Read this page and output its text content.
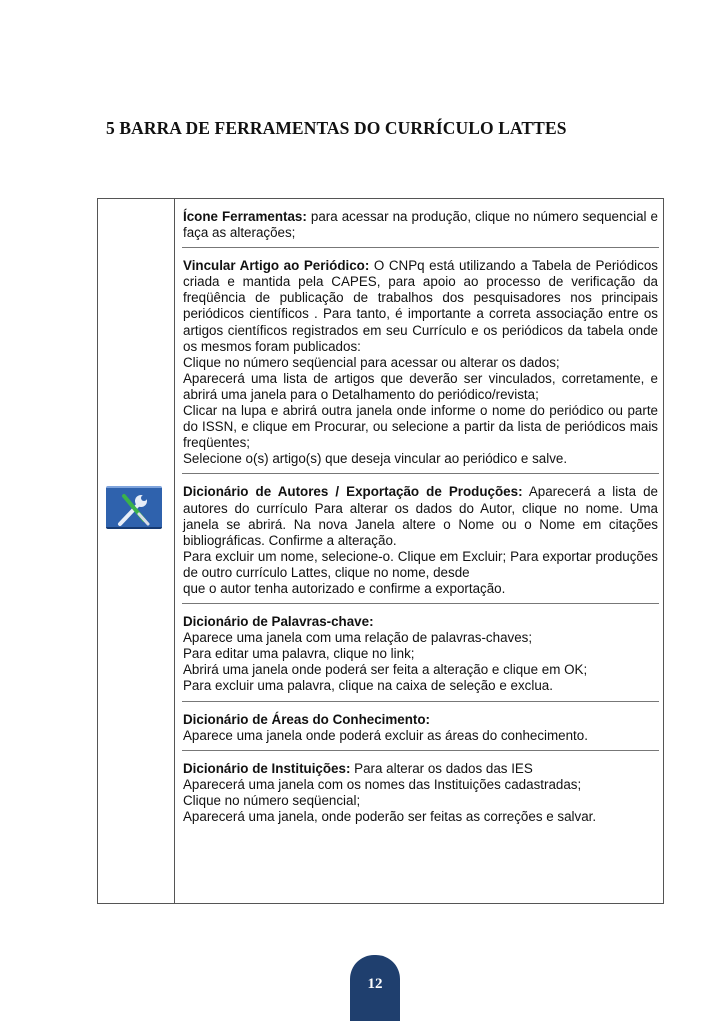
5 BARRA DE FERRAMENTAS DO CURRÍCULO LATTES

Ícone Ferramentas: para acessar na produção, clique no número sequencial e faça as alterações;

Vincular Artigo ao Periódico: O CNPq está utilizando a Tabela de Periódicos criada e mantida pela CAPES, para apoio ao processo de verificação da freqüência de publicação de trabalhos dos pesquisadores nos principais periódicos científicos . Para tanto, é importante a correta associação entre os artigos científicos registrados em seu Currículo e os periódicos da tabela onde os mesmos foram publicados:

Clique no número seqüencial para acessar ou alterar os dados;

Aparecerá uma lista de artigos que deverão ser vinculados, corretamente, e abrirá uma janela para o Detalhamento do periódico/revista;

Clicar na lupa e abrirá outra janela onde informe o nome do periódico ou parte do ISSN, e clique em Procurar, ou selecione a partir da lista de periódicos mais freqüentes;

Selecione o(s) artigo(s) que deseja vincular ao periódico e salve.

Dicionário de Autores / Exportação de Produções: Aparecerá a lista de autores do currículo Para alterar os dados do Autor, clique no nome. Uma janela se abrirá. Na nova Janela altere o Nome ou o Nome em citações bibliográficas. Confirme a alteração.

Para excluir um nome, selecione-o. Clique em Excluir; Para exportar produções de outro currículo Lattes, clique no nome, desde

que o autor tenha autorizado e confirme a exportação.

Dicionário de Palavras-chave:

Aparece uma janela com uma relação de palavras-chaves;

Para editar uma palavra, clique no link;

Abrirá uma janela onde poderá ser feita a alteração e clique em OK;

Para excluir uma palavra, clique na caixa de seleção e exclua.

Dicionário de Áreas do Conhecimento:

Aparece uma janela onde poderá excluir as áreas do conhecimento.

Dicionário de Instituições: Para alterar os dados das IES

Aparecerá uma janela com os nomes das Instituições cadastradas;

Clique no número seqüencial;

Aparecerá uma janela, onde poderão ser feitas as correções e salvar.

12
